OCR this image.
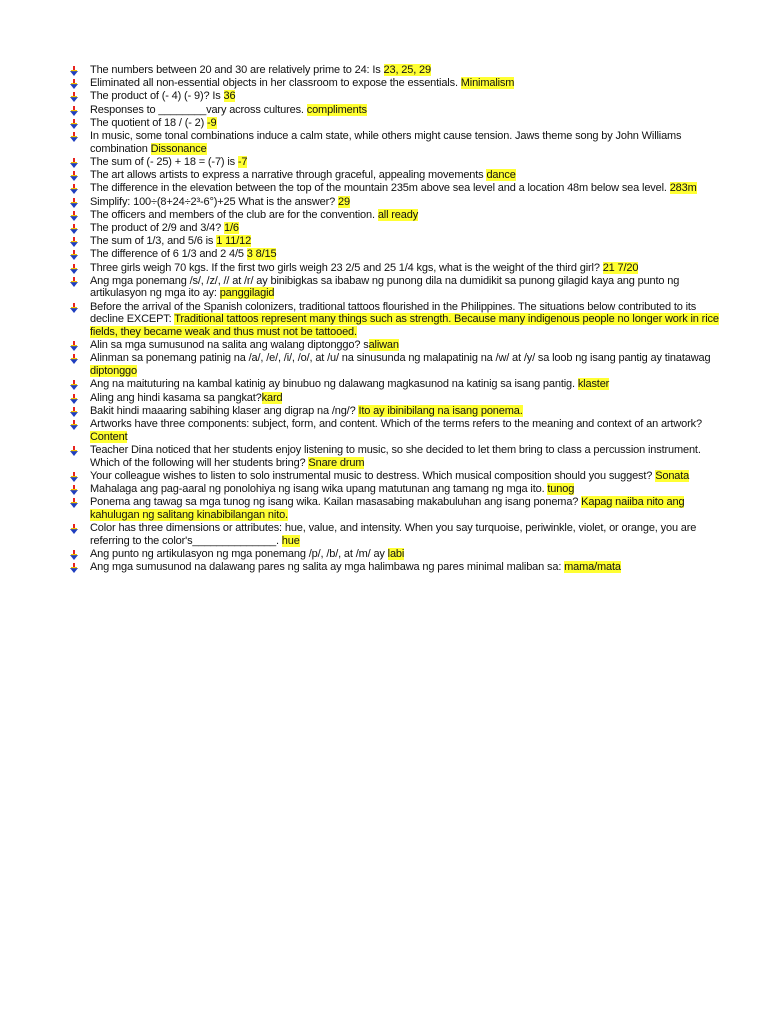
The numbers between 20 and 30 are relatively prime to 24: Is 23, 25, 29
Eliminated all non-essential objects in her classroom to expose the essentials. Minimalism
The product of (- 4) (- 9)? Is 36
Responses to ________vary across cultures. compliments
The quotient of 18 / (- 2) -9
In music, some tonal combinations induce a calm state, while others might cause tension. Jaws theme song by John Williams combination Dissonance
The sum of (- 25) + 18 = (-7) is -7
The art allows artists to express a narrative through graceful, appealing movements dance
The difference in the elevation between the top of the mountain 235m above sea level and a location 48m below sea level. 283m
Simplify: 100÷(8+24÷2³-6°)+25 What is the answer? 29
The officers and members of the club are for the convention. all ready
The product of 2/9 and 3/4? 1/6
The sum of 1/3, and 5/6 is 1 11/12
The difference of 6 1/3 and 2 4/5 3 8/15
Three girls weigh 70 kgs. If the first two girls weigh 23 2/5 and 25 1/4 kgs, what is the weight of the third girl? 21 7/20
Ang mga ponemang /s/, /z/, // at /r/ ay binibigkas sa ibabaw ng punong dila na dumidikit sa punong gilagid kaya ang punto ng artikulasyon ng mga ito ay: panggilagid
Before the arrival of the Spanish colonizers, traditional tattoos flourished in the Philippines. The situations below contributed to its decline EXCEPT: Traditional tattoos represent many things such as strength. Because many indigenous people no longer work in rice fields, they became weak and thus must not be tattooed.
Alin sa mga sumusunod na salita ang walang diptonggo? saliwan
Alinman sa ponemang patinig na /a/, /e/, /i/, /o/, at /u/ na sinusunda ng malapatinig na /w/ at /y/ sa loob ng isang pantig ay tinatawag diptonggo
Ang na maituturing na kambal katinig ay binubuo ng dalawang magkasunod na katinig sa isang pantig. klaster
Aling ang hindi kasama sa pangkat?kard
Bakit hindi maaaring sabihing klaser ang digrap na /ng/? Ito ay ibinibilang na isang ponema.
Artworks have three components: subject, form, and content. Which of the terms refers to the meaning and context of an artwork? Content
Teacher Dina noticed that her students enjoy listening to music, so she decided to let them bring to class a percussion instrument. Which of the following will her students bring? Snare drum
Your colleague wishes to listen to solo instrumental music to destress. Which musical composition should you suggest? Sonata
Mahalaga ang pag-aaral ng ponolohiya ng isang wika upang matutunan ang tamang ng mga ito. tunog
Ponema ang tawag sa mga tunog ng isang wika. Kailan masasabing makabuluhan ang isang ponema? Kapag naiiba nito ang kahulugan ng salitang kinabibilangan nito.
Color has three dimensions or attributes: hue, value, and intensity. When you say turquoise, periwinkle, violet, or orange, you are referring to the color's______________. hue
Ang punto ng artikulasyon ng mga ponemang /p/, /b/, at /m/ ay labi
Ang mga sumusunod na dalawang pares ng salita ay mga halimbawa ng pares minimal maliban sa: mama/mata
